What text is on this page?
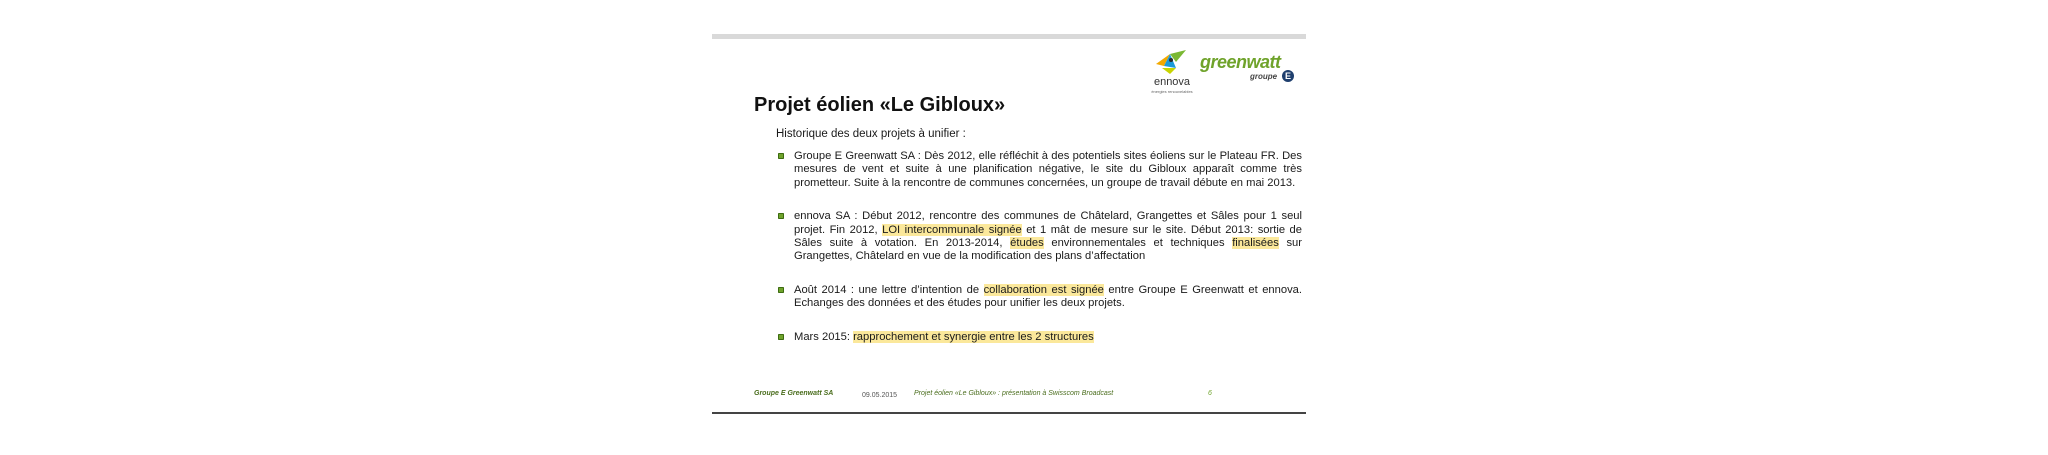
ennova
énergies renouvelables
greenwatt
groupe E
Projet éolien «Le Gibloux»
Historique des deux projets à unifier :
Groupe E Greenwatt SA : Dès 2012, elle réfléchit à des potentiels sites éoliens sur le Plateau FR. Des mesures de vent et suite à une planification négative, le site du Gibloux apparaît comme très prometteur. Suite à la rencontre de communes concernées, un groupe de travail débute en mai 2013.
ennova SA : Début 2012, rencontre des communes de Châtelard, Grangettes et Sâles pour 1 seul projet. Fin 2012, LOI intercommunale signée et 1 mât de mesure sur le site. Début 2013: sortie de Sâles suite à votation. En 2013-2014, études environnementales et techniques finalisées sur Grangettes, Châtelard en vue de la modification des plans d’affectation
Août 2014 : une lettre d’intention de collaboration est signée entre Groupe E Greenwatt et ennova. Echanges des données et des études pour unifier les deux projets.
Mars 2015: rapprochement et synergie entre les 2 structures
Groupe E Greenwatt SA	09.05.2015 Projet éolien «Le Gibloux» : présentation à Swisscom Broadcast	6
